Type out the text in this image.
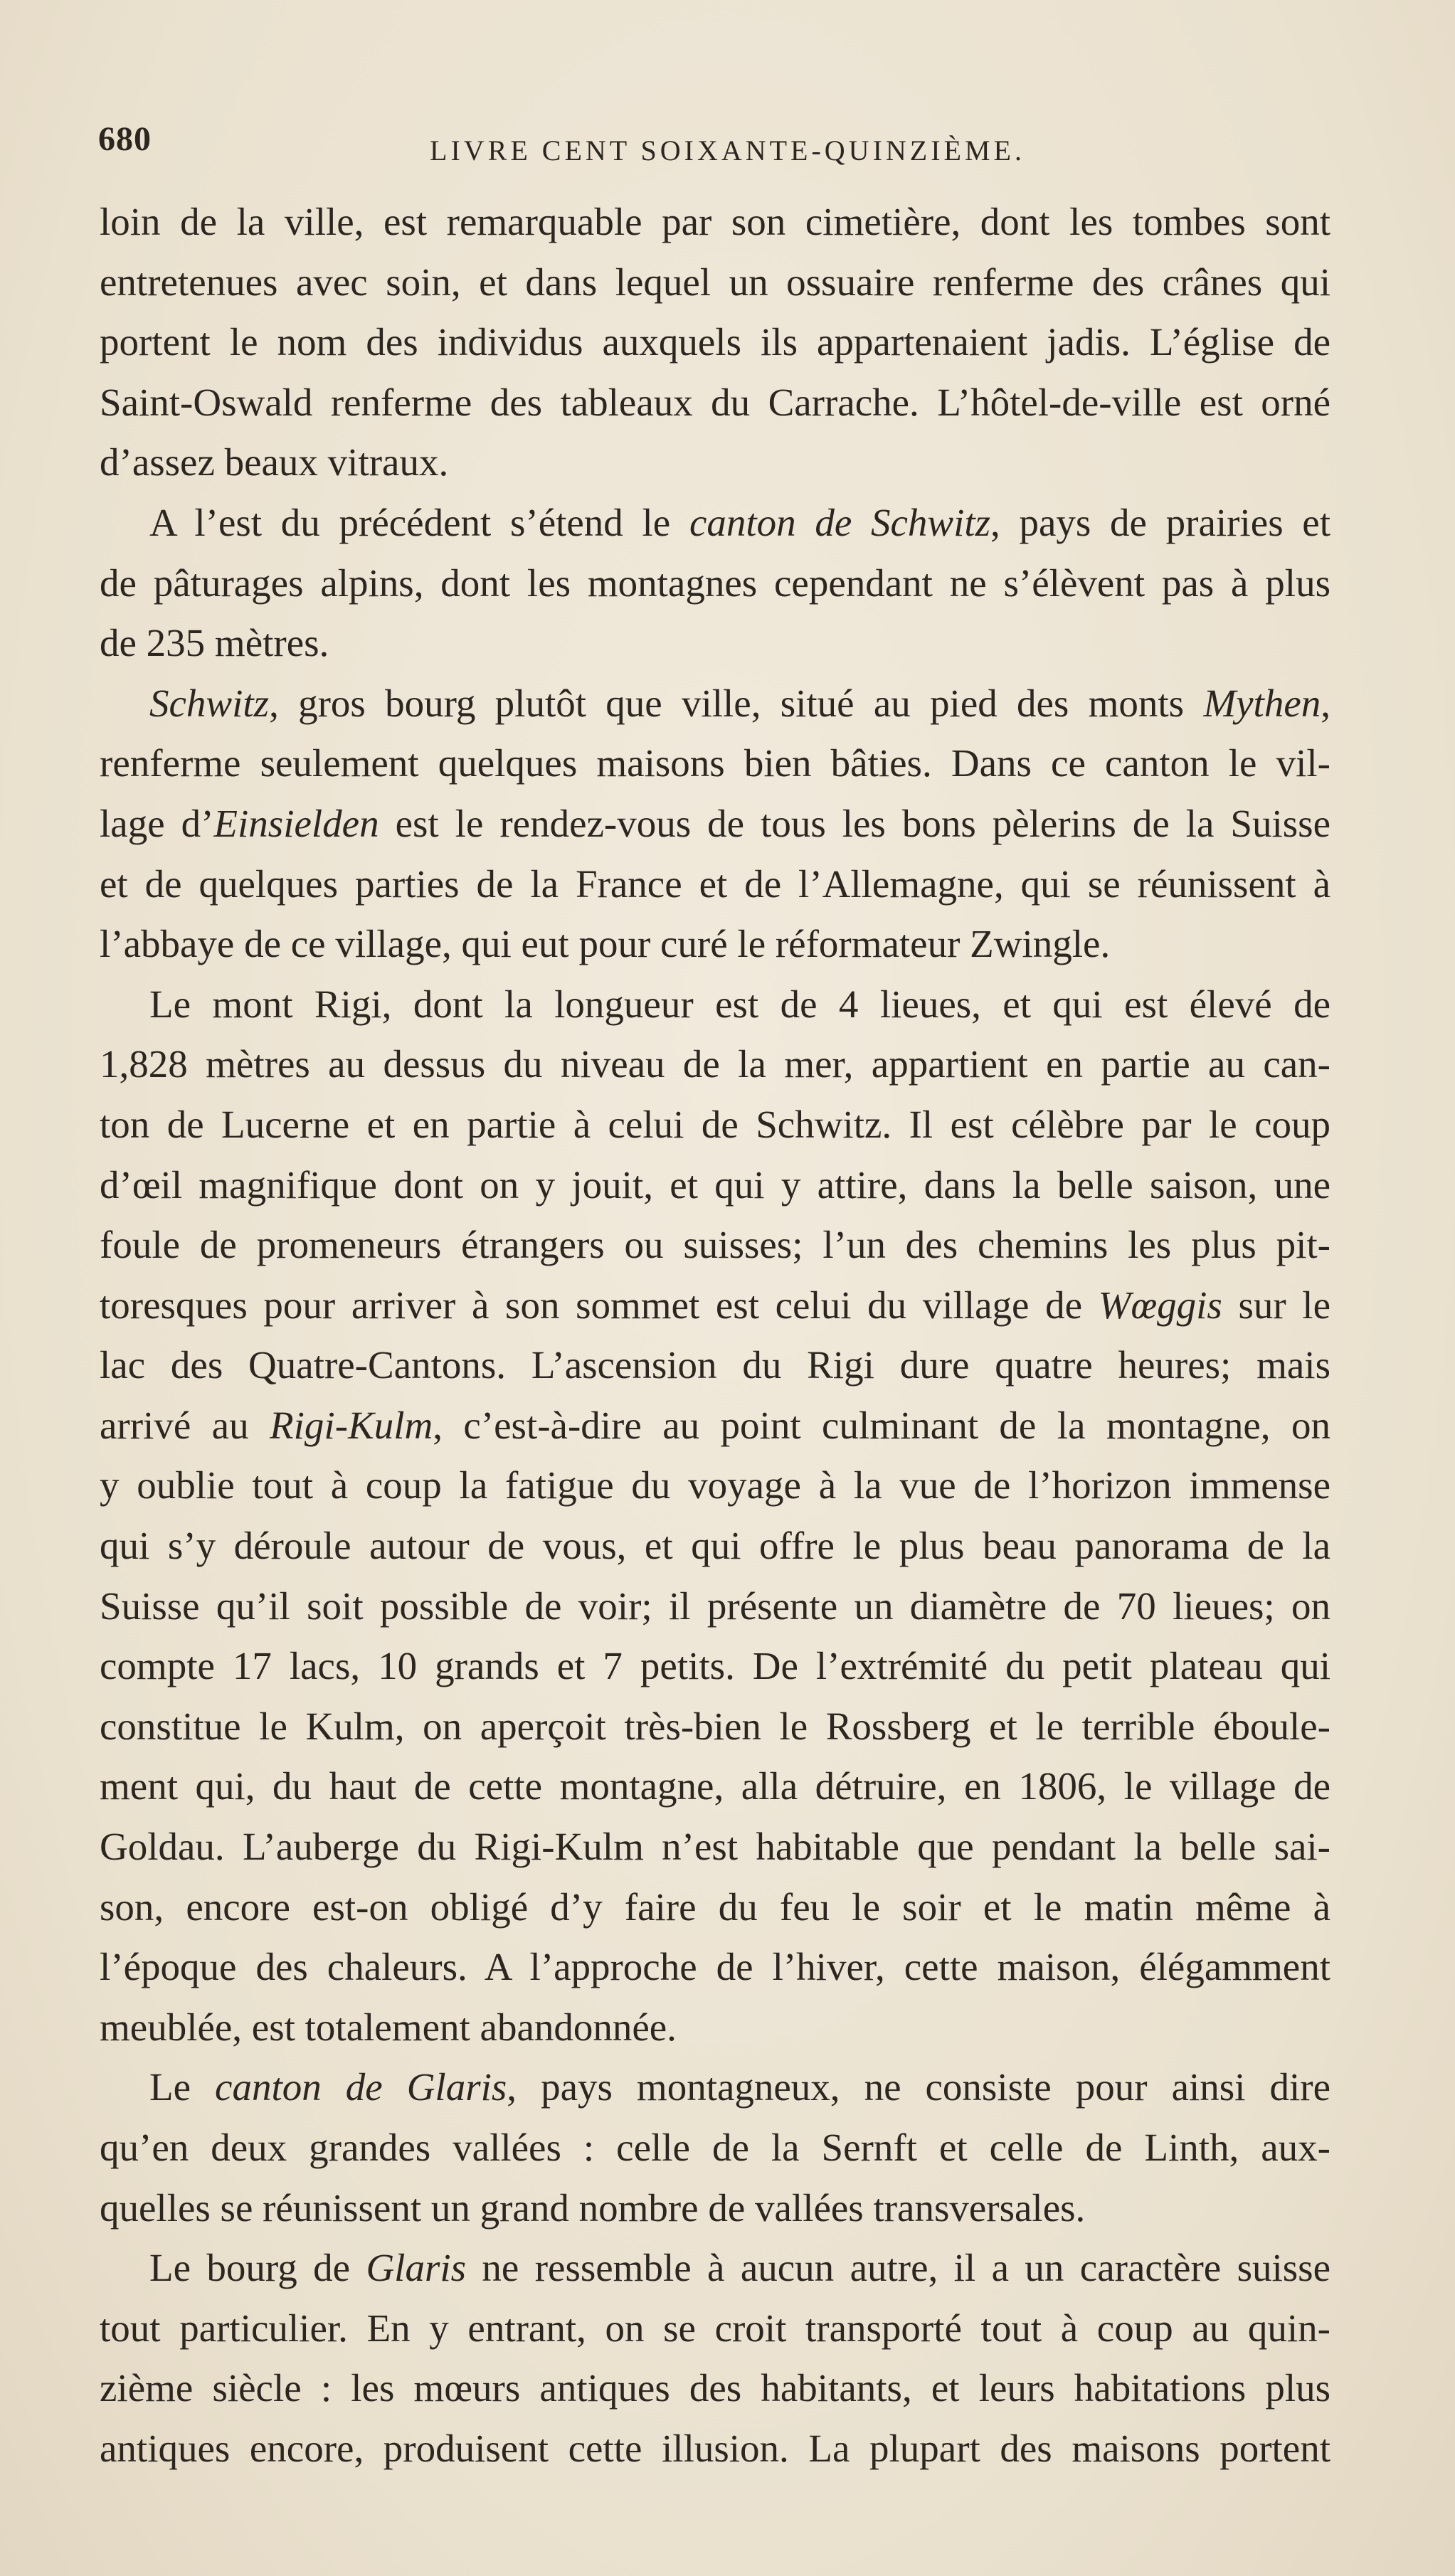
680	LIVRE CENT SOIXANTE-QUINZIÈME.
loin de la ville, est remarquable par son cimetière, dont les tombes sont
entretenues avec soin, et dans lequel un ossuaire renferme des crânes qui
portent le nom des individus auxquels ils appartenaient jadis. L’église de
Saint-Oswald renferme des tableaux du Carrache. L’hôtel-de-ville est orné
d’assez beaux vitraux.
A l’est du précédent s’étend le canton de Schwitz, pays de prairies et
de pâturages alpins, dont les montagnes cependant ne s’élèvent pas à plus
de 235 mètres.
Schwitz, gros bourg plutôt que ville, situé au pied des monts Mythen,
renferme seulement quelques maisons bien bâties. Dans ce canton le vil-
lage d’Einsielden est le rendez-vous de tous les bons pèlerins de la Suisse
et de quelques parties de la France et de l’Allemagne, qui se réunissent à
l’abbaye de ce village, qui eut pour curé le réformateur Zwingle.
Le mont Rigi, dont la longueur est de 4 lieues, et qui est élevé de
1,828 mètres au dessus du niveau de la mer, appartient en partie au can-
ton de Lucerne et en partie à celui de Schwitz. Il est célèbre par le coup
d’œil magnifique dont on y jouit, et qui y attire, dans la belle saison, une
foule de promeneurs étrangers ou suisses; l’un des chemins les plus pit-
toresques pour arriver à son sommet est celui du village de Wœggis sur le
lac des Quatre-Cantons. L’ascension du Rigi dure quatre heures; mais
arrivé au Rigi-Kulm, c’est-à-dire au point culminant de la montagne, on
y oublie tout à coup la fatigue du voyage à la vue de l’horizon immense
qui s’y déroule autour de vous, et qui offre le plus beau panorama de la
Suisse qu’il soit possible de voir; il présente un diamètre de 70 lieues; on
compte 17 lacs, 10 grands et 7 petits. De l’extrémité du petit plateau qui
constitue le Kulm, on aperçoit très-bien le Rossberg et le terrible éboule-
ment qui, du haut de cette montagne, alla détruire, en 1806, le village de
Goldau. L’auberge du Rigi-Kulm n’est habitable que pendant la belle sai-
son, encore est-on obligé d’y faire du feu le soir et le matin même à
l’époque des chaleurs. A l’approche de l’hiver, cette maison, élégamment
meublée, est totalement abandonnée.
Le canton de Glaris, pays montagneux, ne consiste pour ainsi dire
qu’en deux grandes vallées : celle de la Sernft et celle de Linth, aux-
quelles se réunissent un grand nombre de vallées transversales.
Le bourg de Glaris ne ressemble à aucun autre, il a un caractère suisse
tout particulier. En y entrant, on se croit transporté tout à coup au quin-
zième siècle : les mœurs antiques des habitants, et leurs habitations plus
antiques encore, produisent cette illusion. La plupart des maisons portent
